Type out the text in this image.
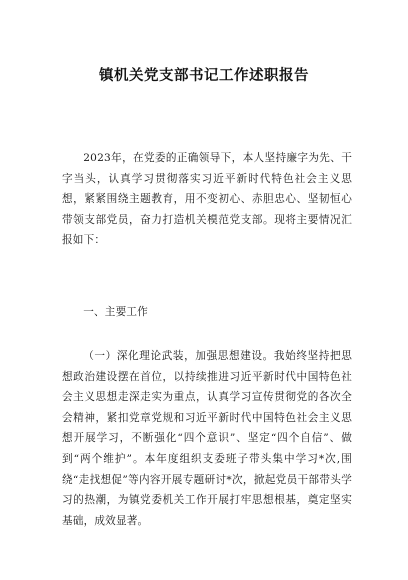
镇机关党支部书记工作述职报告

2023年，在党委的正确领导下，本人坚持廉字为先、干字当头，认真学习贯彻落实习近平新时代特色社会主义思想，紧紧围绕主题教育，用不变初心、赤胆忠心、坚韧恒心带领支部党员，奋力打造机关模范党支部。现将主要情况汇报如下：

一、主要工作

（一）深化理论武装，加强思想建设。我始终坚持把思想政治建设摆在首位，以持续推进习近平新时代中国特色社会主义思想走深走实为重点，认真学习宣传贯彻党的各次全会精神，紧扣党章党规和习近平新时代中国特色社会主义思想开展学习，不断强化“四个意识”、坚定“四个自信”、做到“两个维护”。本年度组织支委班子带头集中学习*次,围绕“走找想促”等内容开展专题研讨*次，掀起党员干部带头学习的热潮，为镇党委机关工作开展打牢思想根基，奠定坚实基础，成效显著。
